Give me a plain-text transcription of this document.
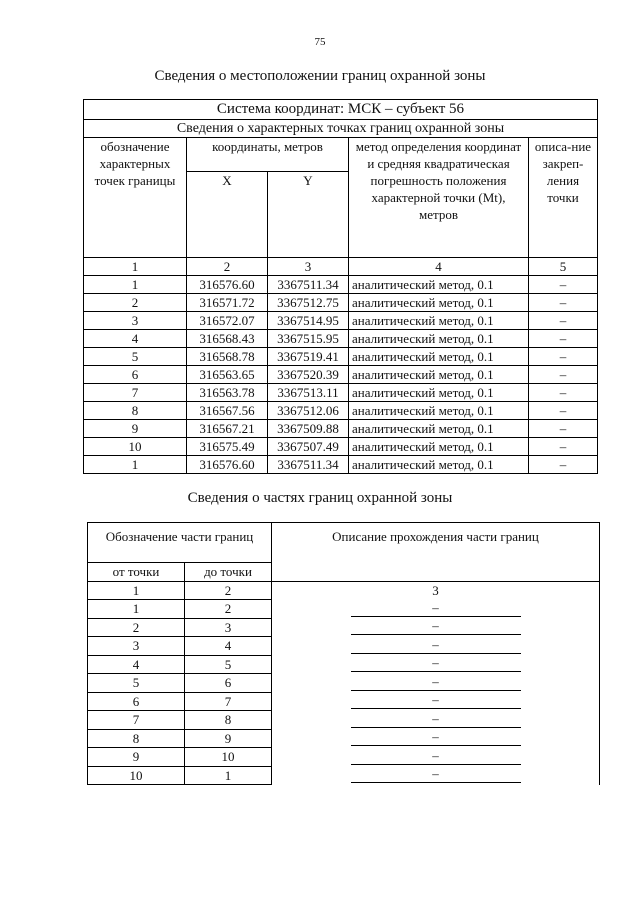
75
Сведения о местоположении границ охранной зоны
Система координат: МСК – субъект 56				
Сведения о характерных точках границ охранной зоны				
обозначение характерных точек границы	координаты, метров		метод определения координат и средняя квадратическая погрешность положения характерной точки (Mt), метров	описа-ние закреп-ления точки
	X	Y		
1	2	3	4	5
1	316576.60	3367511.34	аналитический метод, 0.1	–
2	316571.72	3367512.75	аналитический метод, 0.1	–
3	316572.07	3367514.95	аналитический метод, 0.1	–
4	316568.43	3367515.95	аналитический метод, 0.1	–
5	316568.78	3367519.41	аналитический метод, 0.1	–
6	316563.65	3367520.39	аналитический метод, 0.1	–
7	316563.78	3367513.11	аналитический метод, 0.1	–
8	316567.56	3367512.06	аналитический метод, 0.1	–
9	316567.21	3367509.88	аналитический метод, 0.1	–
10	316575.49	3367507.49	аналитический метод, 0.1	–
1	316576.60	3367511.34	аналитический метод, 0.1	–
Сведения о частях границ охранной зоны
Обозначение части границ		Описание прохождения части границ
от точки	до точки	
1	2	3
1	2	–

2	3	–

3	4	–

4	5	–

5	6	–

6	7	–

7	8	–

8	9	–

9	10	–

10	1	–
